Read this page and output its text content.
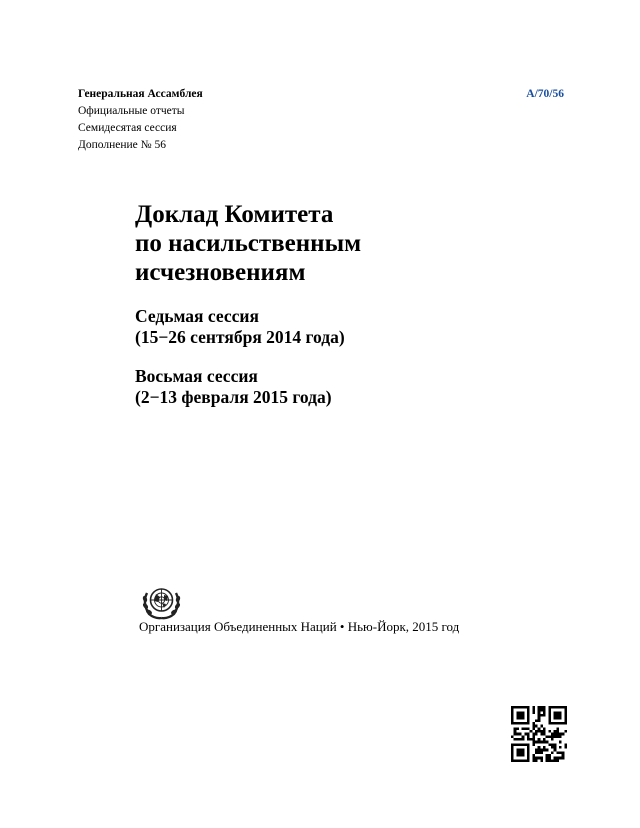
Генеральная Ассамблея
Официальные отчеты
Семидесятая сессия
Дополнение № 56
A/70/56
Доклад Комитета
по насильственным
исчезновениям
Седьмая сессия
(15−26 сентября 2014 года)
Восьмая сессия
(2−13 февраля 2015 года)
Организация Объединенных Наций • Нью-Йорк, 2015 год
